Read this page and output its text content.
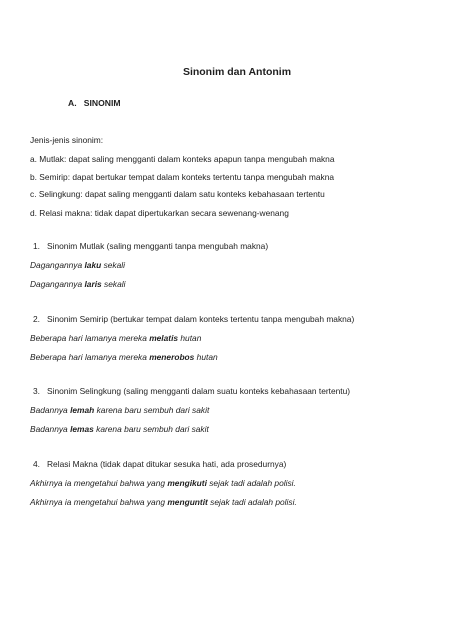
Sinonim dan Antonim
A. SINONIM
Jenis-jenis sinonim:
a. Mutlak: dapat saling mengganti dalam konteks apapun tanpa mengubah makna
b. Semirip: dapat bertukar tempat dalam konteks tertentu tanpa mengubah makna
c. Selingkung: dapat saling mengganti dalam satu konteks kebahasaan tertentu
d. Relasi makna: tidak dapat dipertukarkan secara sewenang-wenang
1. Sinonim Mutlak (saling mengganti tanpa mengubah makna)
Dagangannya laku sekali
Dagangannya laris sekali
2. Sinonim Semirip (bertukar tempat dalam konteks tertentu tanpa mengubah makna)
Beberapa hari lamanya mereka melatis hutan
Beberapa hari lamanya mereka menerobos hutan
3. Sinonim Selingkung (saling mengganti dalam suatu konteks kebahasaan tertentu)
Badannya lemah karena baru sembuh dari sakit
Badannya lemas karena baru sembuh dari sakit
4. Relasi Makna (tidak dapat ditukar sesuka hati, ada prosedurnya)
Akhirnya ia mengetahui bahwa yang mengikuti sejak tadi adalah polisi.
Akhirnya ia mengetahui bahwa yang menguntit sejak tadi adalah polisi.
